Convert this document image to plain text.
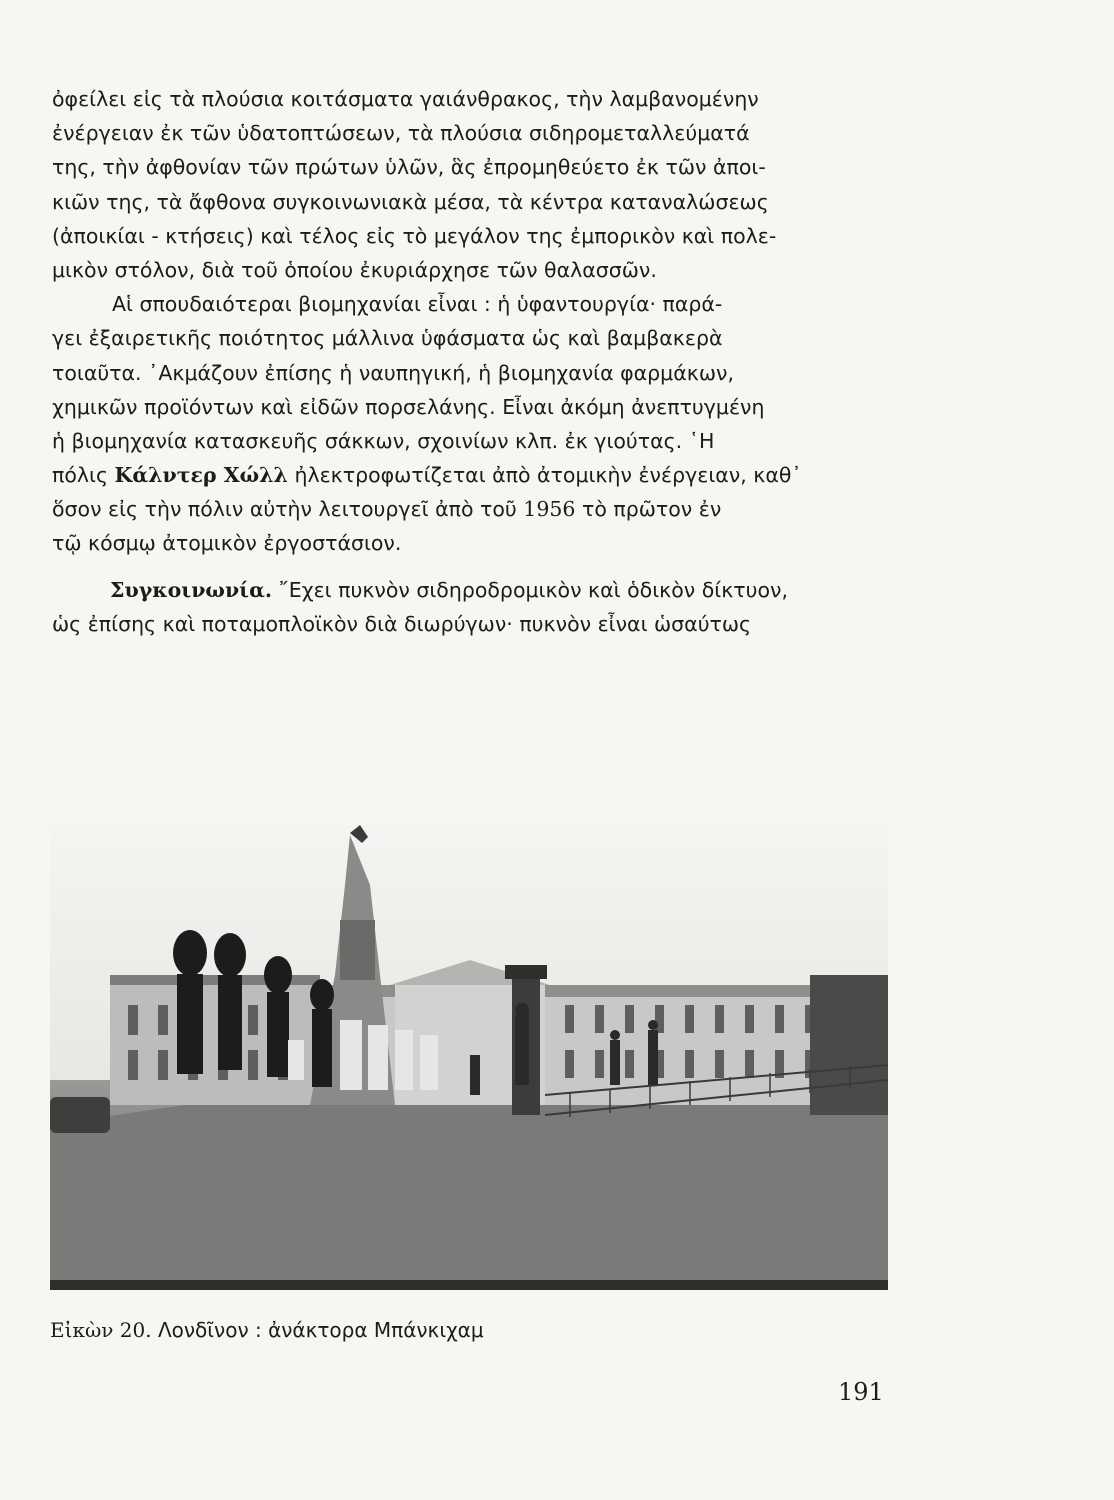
ὀφείλει εἰς τὰ πλούσια κοιτάσματα γαιάνθρακος, τὴν λαμβανομένην
ἐνέργειαν ἐκ τῶν ὑδατοπτώσεων, τὰ πλούσια σιδηρομεταλλεύματά
της, τὴν ἀφθονίαν τῶν πρώτων ὑλῶν, ἃς ἐπρομηθεύετο ἐκ τῶν ἀποι-
κιῶν της, τὰ ἄφθονα συγκοινωνιακὰ μέσα, τὰ κέντρα καταναλώσεως
(ἀποικίαι - κτήσεις) καὶ τέλος εἰς τὸ μεγάλον της ἐμπορικὸν καὶ πολε-
μικὸν στόλον, διὰ τοῦ ὁποίου ἐκυριάρχησε τῶν θαλασσῶν.
Αἱ σπουδαιότεραι βιομηχανίαι εἶναι : ἡ ὑφαντουργία· παρά-
γει ἐξαιρετικῆς ποιότητος μάλλινα ὑφάσματα ὡς καὶ βαμβακερὰ
τοιαῦτα. ᾿Ακμάζουν ἐπίσης ἡ ναυπηγική, ἡ βιομηχανία φαρμάκων,
χημικῶν προϊόντων καὶ εἰδῶν πορσελάνης. Εἶναι ἀκόμη ἀνεπτυγμένη
ἡ βιομηχανία κατασκευῆς σάκκων, σχοινίων κλπ. ἐκ γιούτας. ῾Η
πόλις Κάλντερ Χώλλ ἠλεκτροφωτίζεται ἀπὸ ἀτομικὴν ἐνέργειαν, καθ᾿
ὅσον εἰς τὴν πόλιν αὐτὴν λειτουργεῖ ἀπὸ τοῦ 1956 τὸ πρῶτον ἐν
τῷ κόσμῳ ἀτομικὸν ἐργοστάσιον.
Συγκοινωνία. ῎Εχει πυκνὸν σιδηροδρομικὸν καὶ ὁδικὸν δίκτυον,
ὡς ἐπίσης καὶ ποταμοπλοϊκὸν διὰ διωρύγων· πυκνὸν εἶναι ὡσαύτως
Εἰκὼν 20. Λονδῖνον : ἀνάκτορα Μπάνκιχαμ
191
